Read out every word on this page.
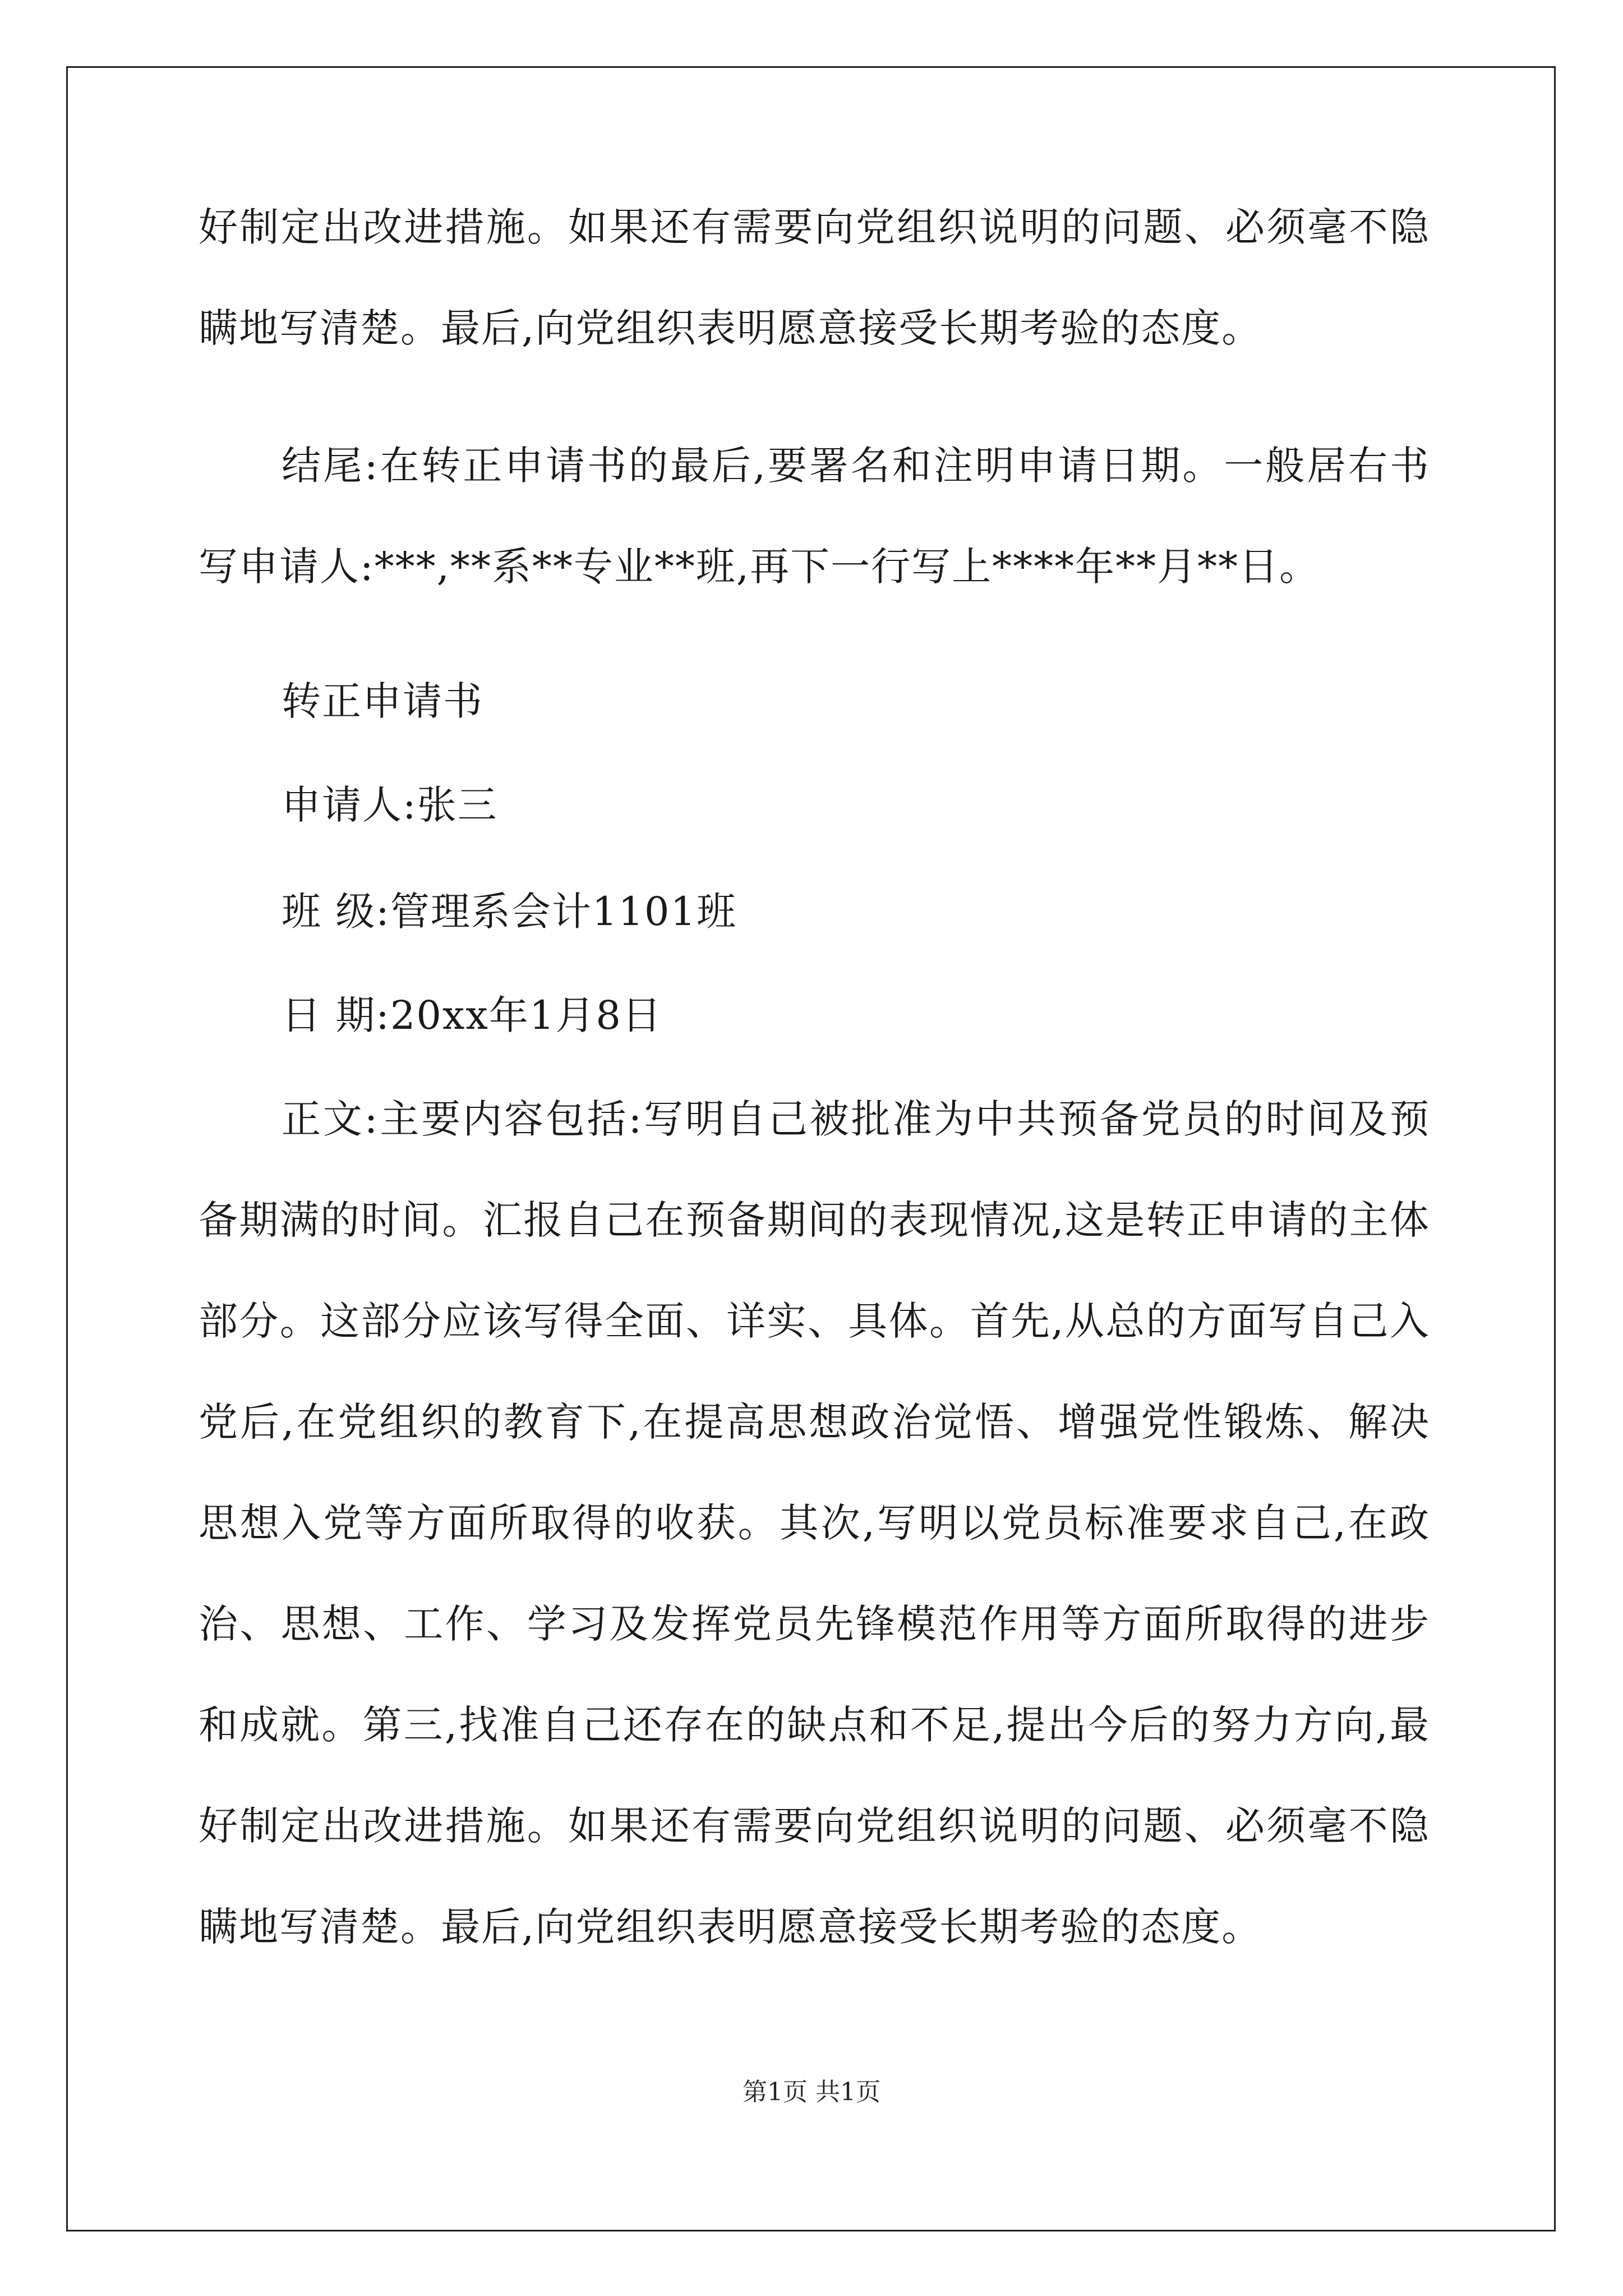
好制定出改进措施。如果还有需要向党组织说明的问题、必须毫不隐
瞒地写清楚。最后,向党组织表明愿意接受长期考验的态度。
结尾:在转正申请书的最后,要署名和注明申请日期。一般居右书
写申请人:***,**系**专业**班,再下一行写上****年**月**日。
转正申请书
申请人:张三
班 级:管理系会计1101班
日 期:20xx年1月8日
正文:主要内容包括:写明自己被批准为中共预备党员的时间及预
备期满的时间。汇报自己在预备期间的表现情况,这是转正申请的主体
部分。这部分应该写得全面、详实、具体。首先,从总的方面写自己入
党后,在党组织的教育下,在提高思想政治觉悟、增强党性锻炼、解决
思想入党等方面所取得的收获。其次,写明以党员标准要求自己,在政
治、思想、工作、学习及发挥党员先锋模范作用等方面所取得的进步
和成就。第三,找准自己还存在的缺点和不足,提出今后的努力方向,最
好制定出改进措施。如果还有需要向党组织说明的问题、必须毫不隐
瞒地写清楚。最后,向党组织表明愿意接受长期考验的态度。
第1页 共1页
